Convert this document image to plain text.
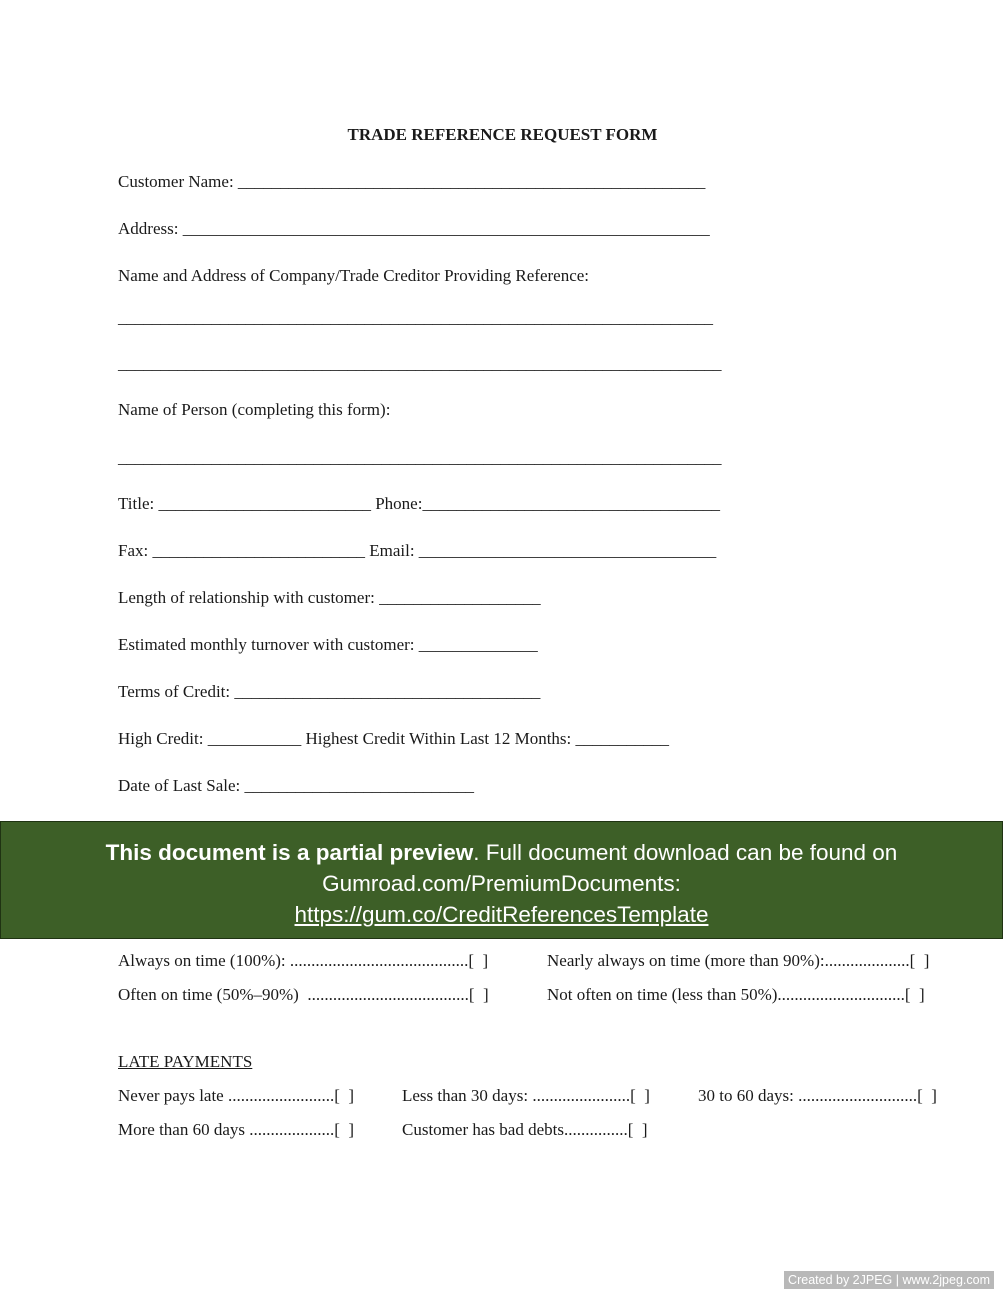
TRADE REFERENCE REQUEST FORM
Customer Name: _______________________________________________________
Address: ______________________________________________________________
Name and Address of Company/Trade Creditor Providing Reference:
______________________________________________________________________
_______________________________________________________________________
Name of Person (completing this form):
_______________________________________________________________________
Title: _________________________ Phone:___________________________________
Fax: _________________________ Email: ___________________________________
Length of relationship with customer: ___________________
Estimated monthly turnover with customer: ______________
Terms of Credit: ____________________________________
High Credit: ___________ Highest Credit Within Last 12 Months: ___________
Date of Last Sale: ___________________________
This document is a partial preview. Full document download can be found on
Gumroad.com/PremiumDocuments:
https://gum.co/CreditReferencesTemplate
Always on time (100%): ..........................................[  ]	Nearly always on time (more than 90%):....................[  ]
Often on time (50%–90%)  ......................................[  ]	Not often on time (less than 50%)..............................[  ]
LATE PAYMENTS
Never pays late .........................[  ]	Less than 30 days: .......................[  ]	30 to 60 days: ............................[  ]
More than 60 days ....................[  ]	Customer has bad debts...............[  ]
Created by 2JPEG | www.2jpeg.com
